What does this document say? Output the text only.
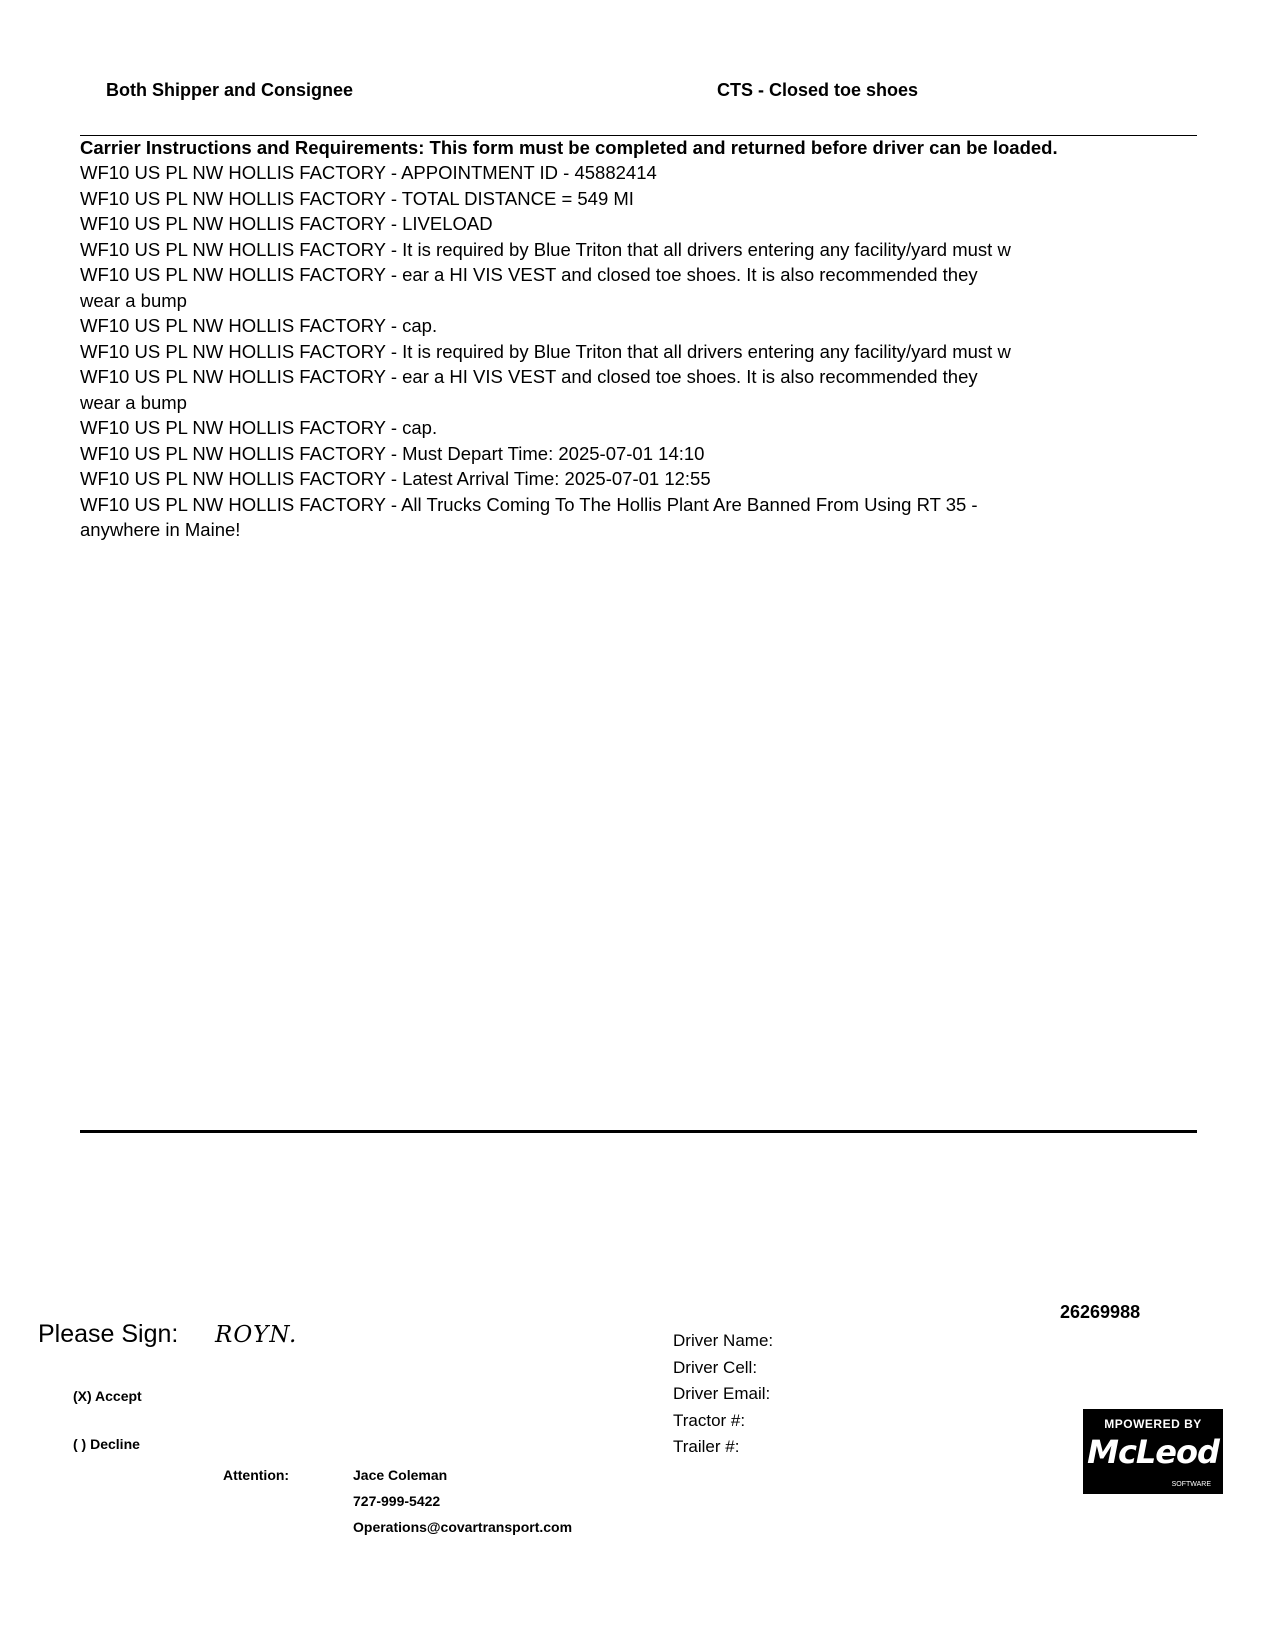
Both Shipper and Consignee	CTS - Closed toe shoes
Carrier Instructions and Requirements: This form must be completed and returned before driver can be loaded.
WF10 US PL NW HOLLIS FACTORY - APPOINTMENT ID - 45882414
WF10 US PL NW HOLLIS FACTORY - TOTAL DISTANCE = 549 MI
WF10 US PL NW HOLLIS FACTORY - LIVELOAD
WF10 US PL NW HOLLIS FACTORY - It is required by Blue Triton that all drivers entering any facility/yard must w
WF10 US PL NW HOLLIS FACTORY - ear a HI VIS VEST and closed toe shoes. It is also recommended they
wear a bump
WF10 US PL NW HOLLIS FACTORY - cap.
WF10 US PL NW HOLLIS FACTORY - It is required by Blue Triton that all drivers entering any facility/yard must w
WF10 US PL NW HOLLIS FACTORY - ear a HI VIS VEST and closed toe shoes. It is also recommended they
wear a bump
WF10 US PL NW HOLLIS FACTORY - cap.
WF10 US PL NW HOLLIS FACTORY - Must Depart Time: 2025-07-01 14:10
WF10 US PL NW HOLLIS FACTORY - Latest Arrival Time: 2025-07-01 12:55
WF10 US PL NW HOLLIS FACTORY - All Trucks Coming To The Hollis Plant Are Banned From Using RT 35 -
anywhere in Maine!
26269988
Please Sign: ROYN.
(X) Accept
( ) Decline
Attention:	Jace Coleman
727-999-5422
Operations@covartransport.com
Driver Name:
Driver Cell:
Driver Email:
Tractor #:
Trailer #:
MPOWERED BY
McLeod
SOFTWARE
